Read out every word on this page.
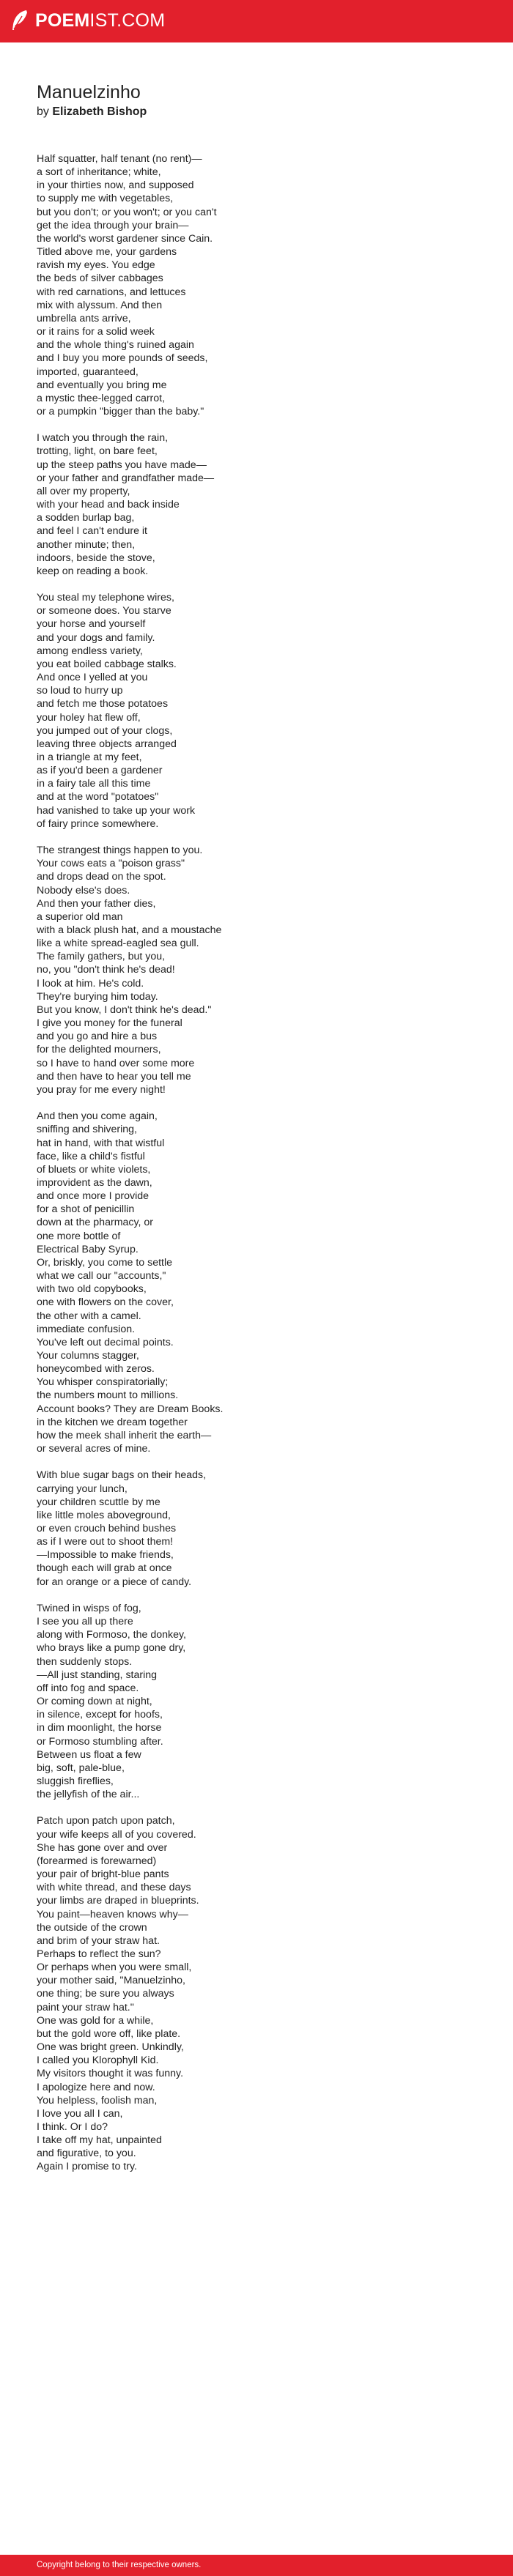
POEMIST.COM
Manuelzinho

by Elizabeth Bishop

Half squatter, half tenant (no rent)—
a sort of inheritance; white,
in your thirties now, and supposed
to supply me with vegetables,
but you don't; or you won't; or you can't
get the idea through your brain—
the world's worst gardener since Cain.
Titled above me, your gardens
ravish my eyes. You edge
the beds of silver cabbages
with red carnations, and lettuces
mix with alyssum. And then
umbrella ants arrive,
or it rains for a solid week
and the whole thing's ruined again
and I buy you more pounds of seeds,
imported, guaranteed,
and eventually you bring me
a mystic thee-legged carrot,
or a pumpkin "bigger than the baby."
I watch you through the rain,
trotting, light, on bare feet,
up the steep paths you have made—
or your father and grandfather made—
all over my property,
with your head and back inside
a sodden burlap bag,
and feel I can't endure it
another minute; then,
indoors, beside the stove,
keep on reading a book.
You steal my telephone wires,
or someone does. You starve
your horse and yourself
and your dogs and family.
among endless variety,
you eat boiled cabbage stalks.
And once I yelled at you
so loud to hurry up
and fetch me those potatoes
your holey hat flew off,
you jumped out of your clogs,
leaving three objects arranged
in a triangle at my feet,
as if you'd been a gardener
in a fairy tale all this time
and at the word "potatoes"
had vanished to take up your work
of fairy prince somewhere.
The strangest things happen to you.
Your cows eats a "poison grass"
and drops dead on the spot.
Nobody else's does.
And then your father dies,
a superior old man
with a black plush hat, and a moustache
like a white spread-eagled sea gull.
The family gathers, but you,
no, you "don't think he's dead!
I look at him. He's cold.
They're burying him today.
But you know, I don't think he's dead."
I give you money for the funeral
and you go and hire a bus
for the delighted mourners,
so I have to hand over some more
and then have to hear you tell me
you pray for me every night!
And then you come again,
sniffing and shivering,
hat in hand, with that wistful
face, like a child's fistful
of bluets or white violets,
improvident as the dawn,
and once more I provide
for a shot of penicillin
down at the pharmacy, or
one more bottle of
Electrical Baby Syrup.
Or, briskly, you come to settle
what we call our "accounts,"
with two old copybooks,
one with flowers on the cover,
the other with a camel.
immediate confusion.
You've left out decimal points.
Your columns stagger,
honeycombed with zeros.
You whisper conspiratorially;
the numbers mount to millions.
Account books? They are Dream Books.
in the kitchen we dream together
how the meek shall inherit the earth—
or several acres of mine.
With blue sugar bags on their heads,
carrying your lunch,
your children scuttle by me
like little moles aboveground,
or even crouch behind bushes
as if I were out to shoot them!
—Impossible to make friends,
though each will grab at once
for an orange or a piece of candy.
Twined in wisps of fog,
I see you all up there
along with Formoso, the donkey,
who brays like a pump gone dry,
then suddenly stops.
—All just standing, staring
off into fog and space.
Or coming down at night,
in silence, except for hoofs,
in dim moonlight, the horse
or Formoso stumbling after.
Between us float a few
big, soft, pale-blue,
sluggish fireflies,
the jellyfish of the air...
Patch upon patch upon patch,
your wife keeps all of you covered.
She has gone over and over
(forearmed is forewarned)
your pair of bright-blue pants
with white thread, and these days
your limbs are draped in blueprints.
You paint—heaven knows why—
the outside of the crown
and brim of your straw hat.
Perhaps to reflect the sun?
Or perhaps when you were small,
your mother said, "Manuelzinho,
one thing; be sure you always
paint your straw hat."
One was gold for a while,
but the gold wore off, like plate.
One was bright green. Unkindly,
I called you Klorophyll Kid.
My visitors thought it was funny.
I apologize here and now.
You helpless, foolish man,
I love you all I can,
I think. Or I do?
I take off my hat, unpainted
and figurative, to you.
Again I promise to try.
Copyright belong to their respective owners.
